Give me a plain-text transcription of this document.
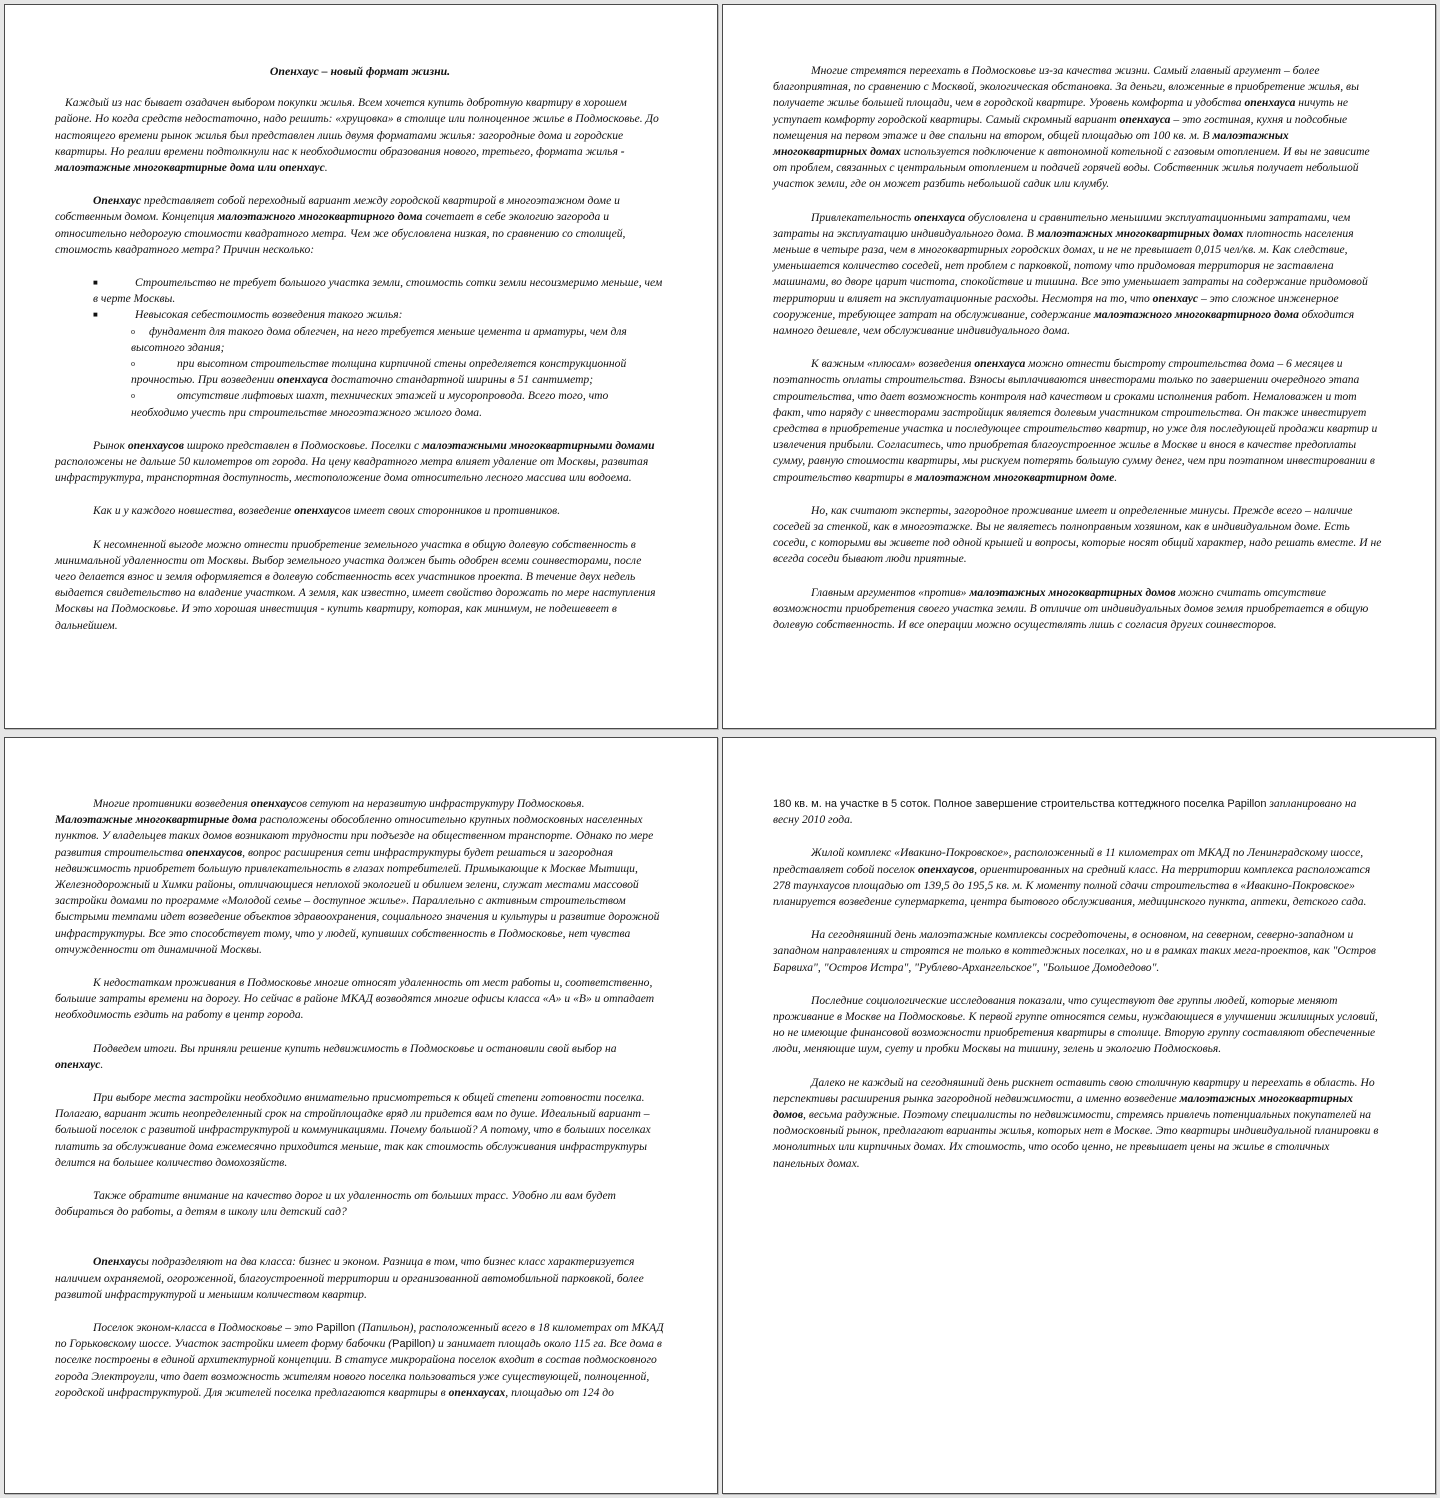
Опенхаус – новый формат жизни.

Каждый из нас бывает озадачен выбором покупки жилья. Всем хочется купить добротную квартиру в хорошем районе. Но когда средств недостаточно, надо решить: «хрущовка» в столице или полноценное жилье в Подмосковье. До настоящего времени рынок жилья был представлен лишь двумя форматами жилья: загородные дома и городские квартиры. Но реалии времени подтолкнули нас к необходимости образования нового, третьего, формата жилья - малоэтажные многоквартирные дома или опенхаус.

Опенхаус представляет собой переходный вариант между городской квартирой в многоэтажном доме и собственным домом. Концепция малоэтажного многоквартирного дома сочетает в себе экологию загорода и относительно недорогую стоимости квадратного метра. Чем же обусловлена низкая, по сравнению со столицей, стоимость квадратного метра? Причин несколько:

■	Строительство не требует большого участка земли, стоимость сотки земли несоизмеримо меньше, чем в черте Москвы.
■	Невысокая себестоимость возведения такого жилья:
o	фундамент для такого дома облегчен, на него требуется меньше цемента и арматуры, чем для высотного здания;
o	при высотном строительстве толщина кирпичной стены определяется конструкционной прочностью. При возведении опенхауса достаточно стандартной ширины в 51 сантиметр;
o	отсутствие лифтовых шахт, технических этажей и мусоропровода. Всего того, что необходимо учесть при строительстве многоэтажного жилого дома.

Рынок опенхаусов широко представлен в Подмосковье. Поселки с малоэтажными многоквартирными домами расположены не дальше 50 километров от города. На цену квадратного метра влияет удаление от Москвы, развитая инфраструктура, транспортная доступность, местоположение дома относительно лесного массива или водоема.

Как и у каждого новшества, возведение опенхаусов имеет своих сторонников и противников.

К несомненной выгоде можно отнести приобретение земельного участка в общую долевую собственность в минимальной удаленности от Москвы. Выбор земельного участка должен быть одобрен всеми соинвесторами, после чего делается взнос и земля оформляется в долевую собственность всех участников проекта. В течение двух недель выдается свидетельство на владение участком. А земля, как известно, имеет свойство дорожать по мере наступления Москвы на Подмосковье. И это хорошая инвестиция - купить квартиру, которая, как минимум, не подешевеет в дальнейшем.

Многие стремятся переехать в Подмосковье из-за качества жизни. Самый главный аргумент – более благоприятная, по сравнению с Москвой, экологическая обстановка. За деньги, вложенные в приобретение жилья, вы получаете жилье большей площади, чем в городской квартире. Уровень комфорта и удобства опенхауса ничуть не уступает комфорту городской квартиры. Самый скромный вариант опенхауса – это гостиная, кухня и подсобные помещения на первом этаже и две спальни на втором, общей площадью от 100 кв. м. В малоэтажных многоквартирных домах используется подключение к автономной котельной с газовым отоплением. И вы не зависите от проблем, связанных с центральным отоплением и подачей горячей воды. Собственник жилья получает небольшой участок земли, где он может разбить небольшой садик или клумбу.

Привлекательность опенхауса обусловлена и сравнительно меньшими эксплуатационными затратами, чем затраты на эксплуатацию индивидуального дома. В малоэтажных многоквартирных домах плотность населения меньше в четыре раза, чем в многоквартирных городских домах, и не не превышает 0,015 чел/кв. м. Как следствие, уменьшается количество соседей, нет проблем с парковкой, потому что придомовая территория не заставлена машинами, во дворе царит чистота, спокойствие и тишина. Все это уменьшает затраты на содержание придомовой территории и влияет на эксплуатационные расходы. Несмотря на то, что опенхаус – это сложное инженерное сооружение, требующее затрат на обслуживание, содержание малоэтажного многоквартирного дома обходится намного дешевле, чем обслуживание индивидуального дома.

К важным «плюсам» возведения опенхауса можно отнести быстроту строительства дома – 6 месяцев и поэтапность оплаты строительства. Взносы выплачиваются инвесторами только по завершении очередного этапа строительства, что дает возможность контроля над качеством и сроками исполнения работ. Немаловажен и тот факт, что наряду с инвесторами застройщик является долевым участником строительства. Он также инвестирует средства в приобретение участка и последующее строительство квартир, но уже для последующей продажи квартир и извлечения прибыли. Согласитесь, что приобретая благоустроенное жилье в Москве и внося в качестве предоплаты сумму, равную стоимости квартиры, мы рискуем потерять большую сумму денег, чем при поэтапном инвестировании в строительство квартиры в малоэтажном многоквартирном доме.

Но, как считают эксперты, загородное проживание имеет и определенные минусы. Прежде всего – наличие соседей за стенкой, как в многоэтажке. Вы не являетесь полноправным хозяином, как в индивидуальном доме. Есть соседи, с которыми вы живете под одной крышей и вопросы, которые носят общий характер, надо решать вместе. И не всегда соседи бывают люди приятные.

Главным аргументов «против» малоэтажных многоквартирных домов можно считать отсутствие возможности приобретения своего участка земли. В отличие от индивидуальных домов земля приобретается в общую долевую собственность. И все операции можно осуществлять лишь с согласия других соинвесторов.

Многие противники возведения опенхаусов сетуют на неразвитую инфраструктуру Подмосковья. Малоэтажные многоквартирные дома расположены обособленно относительно крупных подмосковных населенных пунктов. У владельцев таких домов возникают трудности при подъезде на общественном транспорте. Однако по мере развития строительства опенхаусов, вопрос расширения сети инфраструктуры будет решаться и загородная недвижимость приобретет большую привлекательность в глазах потребителей. Примыкающие к Москве Мытищи, Железнодорожный и Химки районы, отличающиеся неплохой экологией и обилием зелени, служат местами массовой застройки домами по программе «Молодой семье – доступное жилье». Параллельно с активным строительством быстрыми темпами идет возведение объектов здравоохранения, социального значения и культуры и развитие дорожной инфраструктуры. Все это способствует тому, что у людей, купивших собственность в Подмосковье, нет чувства отчужденности от динамичной Москвы.

К недостаткам проживания в Подмосковье многие относят удаленность от мест работы и, соответственно, большие затраты времени на дорогу. Но сейчас в районе МКАД возводятся многие офисы класса «А» и «В» и отпадает необходимость ездить на работу в центр города.

Подведем итоги. Вы приняли решение купить недвижимость в Подмосковье и остановили свой выбор на опенхаус.

При выборе места застройки необходимо внимательно присмотреться к общей степени готовности поселка. Полагаю, вариант жить неопределенный срок на стройплощадке вряд ли придется вам по душе. Идеальный вариант – большой поселок с развитой инфраструктурой и коммуникациями. Почему большой? А потому, что в больших поселках платить за обслуживание дома ежемесячно приходится меньше, так как стоимость обслуживания инфраструктуры делится на большее количество домохозяйств.

Также обратите внимание на качество дорог и их удаленность от больших трасс. Удобно ли вам будет добираться до работы, а детям в школу или детский сад?

Опенхаусы подразделяют на два класса: бизнес и эконом. Разница в том, что бизнес класс характеризуется наличием охраняемой, огороженной, благоустроенной территории и организованной автомобильной парковкой, более развитой инфраструктурой и меньшим количеством квартир.

Поселок эконом-класса в Подмосковье – это Papillon (Папильон), расположенный всего в 18 километрах от МКАД по Горьковскому шоссе. Участок застройки имеет форму бабочки (Papillon) и занимает площадь около 115 га. Все дома в поселке построены в единой архитектурной концепции. В статусе микрорайона поселок входит в состав подмосковного города Электроугли, что дает возможность жителям нового поселка пользоваться уже существующей, полноценной, городской инфраструктурой. Для жителей поселка предлагаются квартиры в опенхаусах, площадью от 124 до

180 кв. м. на участке в 5 соток. Полное завершение строительства коттеджного поселка Papillon запланировано на весну 2010 года.

Жилой комплекс «Ивакино-Покровское», расположенный в 11 километрах от МКАД по Ленинградскому шоссе, представляет собой поселок опенхаусов, ориентированных на средний класс. На территории комплекса расположатся 278 таунхаусов площадью от 139,5 до 195,5 кв. м. К моменту полной сдачи строительства в «Ивакино-Покровское» планируется возведение супермаркета, центра бытового обслуживания, медицинского пункта, аптеки, детского сада.

На сегодняшний день малоэтажные комплексы сосредоточены, в основном, на северном, северно-западном и западном направлениях и строятся не только в коттеджных поселках, но и в рамках таких мега-проектов, как "Остров Барвиха", "Остров Истра", "Рублево-Архангельское", "Большое Домодедово".

Последние социологические исследования показали, что существуют две группы людей, которые меняют проживание в Москве на Подмосковье. К первой группе относятся семьи, нуждающиеся в улучшении жилищных условий, но не имеющие финансовой возможности приобретения квартиры в столице. Вторую группу составляют обеспеченные люди, меняющие шум, суету и пробки Москвы на тишину, зелень и экологию Подмосковья.

Далеко не каждый на сегодняшний день рискнет оставить свою столичную квартиру и переехать в область. Но перспективы расширения рынка загородной недвижимости, а именно возведение малоэтажных многоквартирных домов, весьма радужные. Поэтому специалисты по недвижимости, стремясь привлечь потенциальных покупателей на подмосковный рынок, предлагают варианты жилья, которых нет в Москве. Это квартиры индивидуальной планировки в монолитных или кирпичных домах. Их стоимость, что особо ценно, не превышает цены на жилье в столичных панельных домах.
